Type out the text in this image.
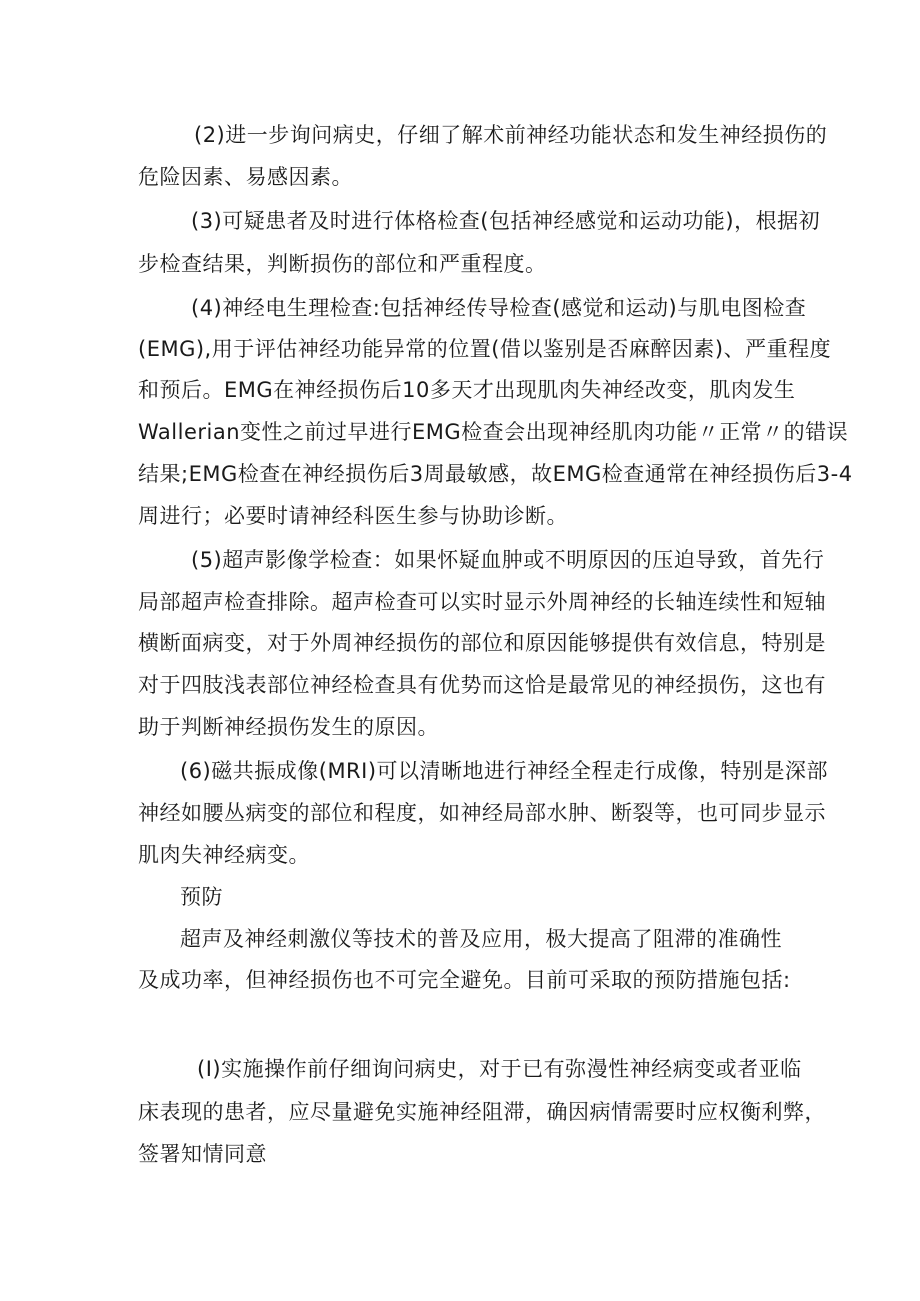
(2)进一步询问病史，仔细了解术前神经功能状态和发生神经损伤的
危险因素、易感因素。
(3)可疑患者及时进行体格检查(包括神经感觉和运动功能)，根据初
步检查结果，判断损伤的部位和严重程度。
(4)神经电生理检查:包括神经传导检查(感觉和运动)与肌电图检查
(EMG),用于评估神经功能异常的位置(借以鉴别是否麻醉因素)、严重程度
和预后。EMG在神经损伤后10多天才出现肌肉失神经改变，肌肉发生
Wallerian变性之前过早进行EMG检查会出现神经肌肉功能〃正常〃的错误
结果;EMG检查在神经损伤后3周最敏感，故EMG检查通常在神经损伤后3-4
周进行；必要时请神经科医生参与协助诊断。
(5)超声影像学检查：如果怀疑血肿或不明原因的压迫导致，首先行
局部超声检查排除。超声检查可以实时显示外周神经的长轴连续性和短轴
横断面病变，对于外周神经损伤的部位和原因能够提供有效信息，特别是
对于四肢浅表部位神经检查具有优势而这恰是最常见的神经损伤，这也有
助于判断神经损伤发生的原因。
(6)磁共振成像(MRI)可以清晰地进行神经全程走行成像，特别是深部
神经如腰丛病变的部位和程度，如神经局部水肿、断裂等，也可同步显示
肌肉失神经病变。
预防
超声及神经刺激仪等技术的普及应用，极大提高了阻滞的准确性
及成功率，但神经损伤也不可完全避免。目前可采取的预防措施包括:
(I)实施操作前仔细询问病史，对于已有弥漫性神经病变或者亚临
床表现的患者，应尽量避免实施神经阻滞，确因病情需要时应权衡利弊，
签署知情同意
